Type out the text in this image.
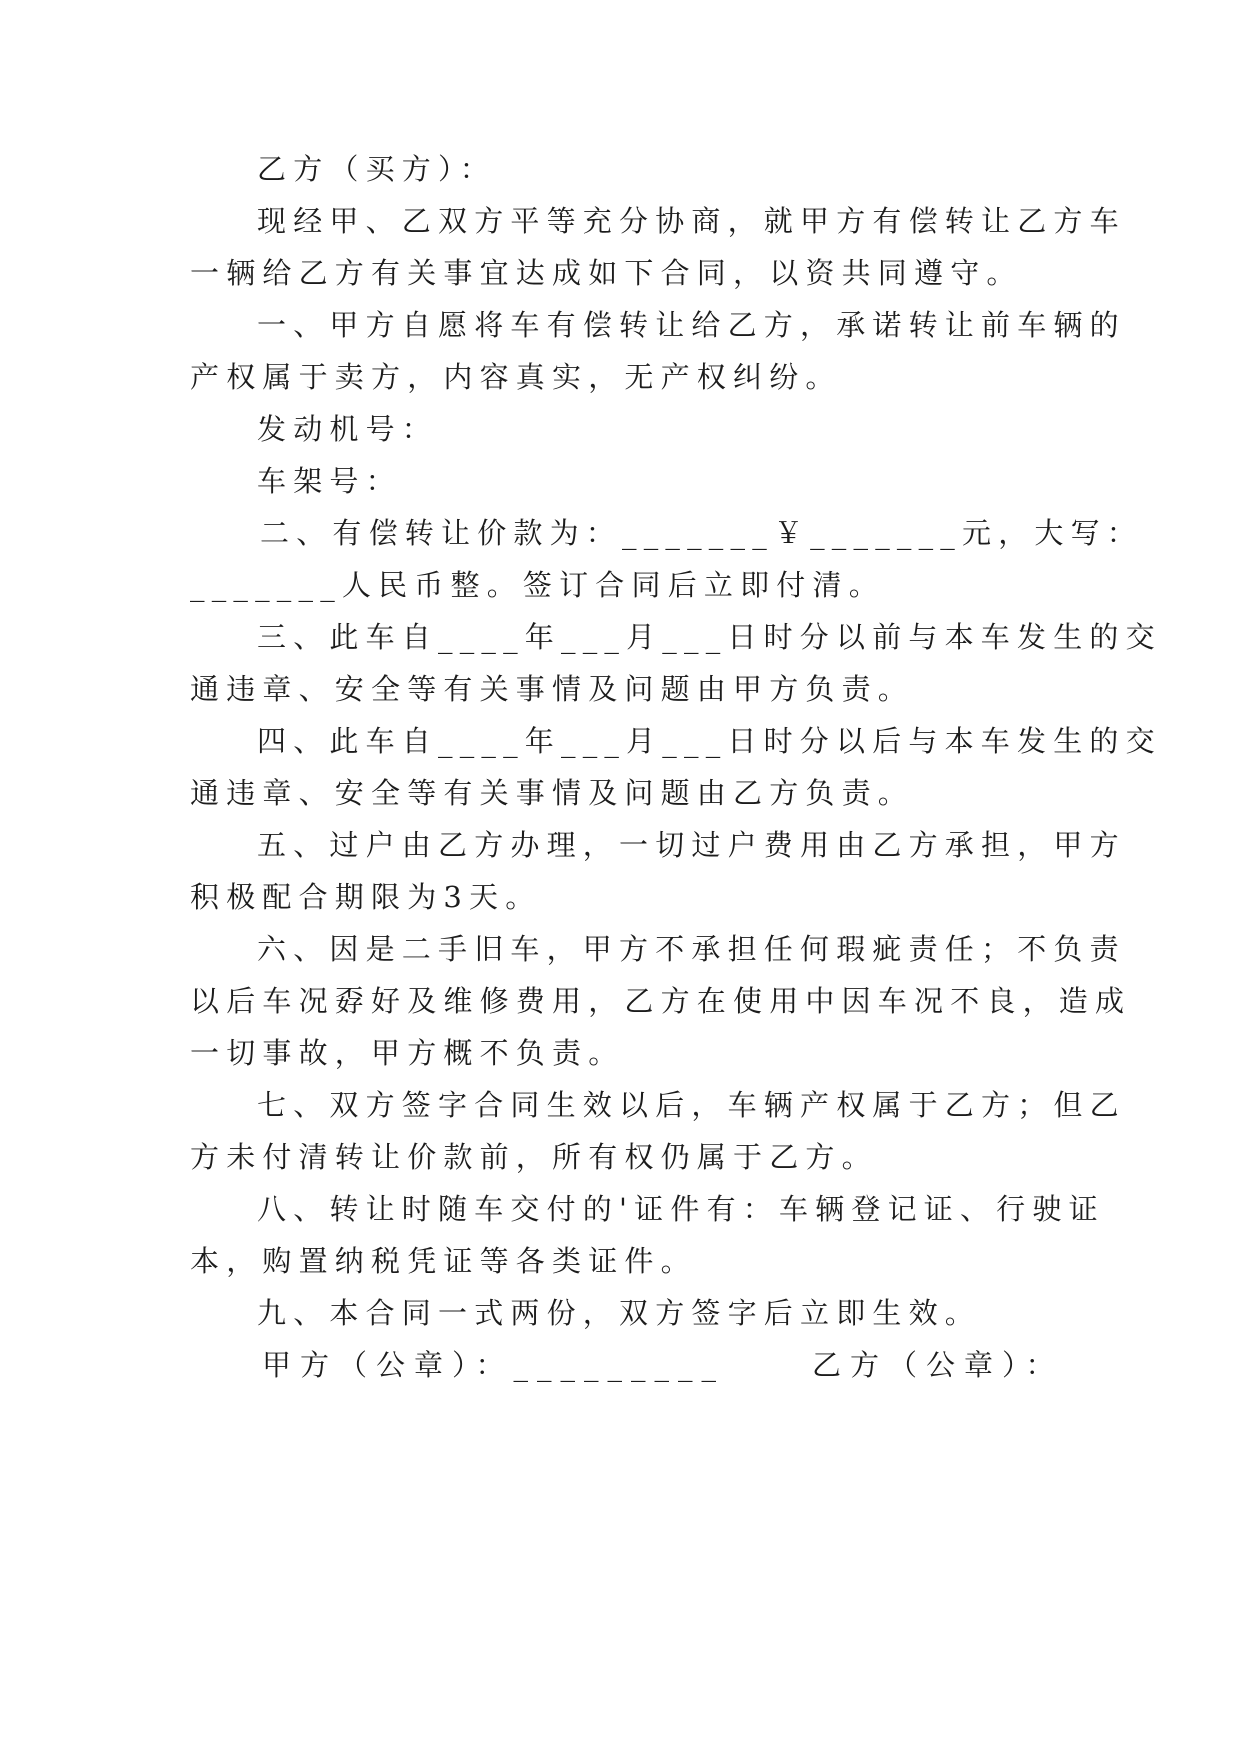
乙方（买方）：
现经甲、乙双方平等充分协商，就甲方有偿转让乙方车
一辆给乙方有关事宜达成如下合同，以资共同遵守。
一、甲方自愿将车有偿转让给乙方，承诺转让前车辆的
产权属于卖方，内容真实，无产权纠纷。
发动机号：
车架号：
二、有偿转让价款为：_______￥_______元，大写：
_______人民币整。签订合同后立即付清。
三、此车自____年___月___日时分以前与本车发生的交
通违章、安全等有关事情及问题由甲方负责。
四、此车自____年___月___日时分以后与本车发生的交
通违章、安全等有关事情及问题由乙方负责。
五、过户由乙方办理，一切过户费用由乙方承担，甲方
积极配合期限为3天。
六、因是二手旧车，甲方不承担任何瑕疵责任；不负责
以后车况孬好及维修费用，乙方在使用中因车况不良，造成
一切事故，甲方概不负责。
七、双方签字合同生效以后，车辆产权属于乙方；但乙
方未付清转让价款前，所有权仍属于乙方。
八、转让时随车交付的'证件有：车辆登记证、行驶证
本，购置纳税凭证等各类证件。
九、本合同一式两份，双方签字后立即生效。
甲方（公章）：_________	乙方（公章）：
